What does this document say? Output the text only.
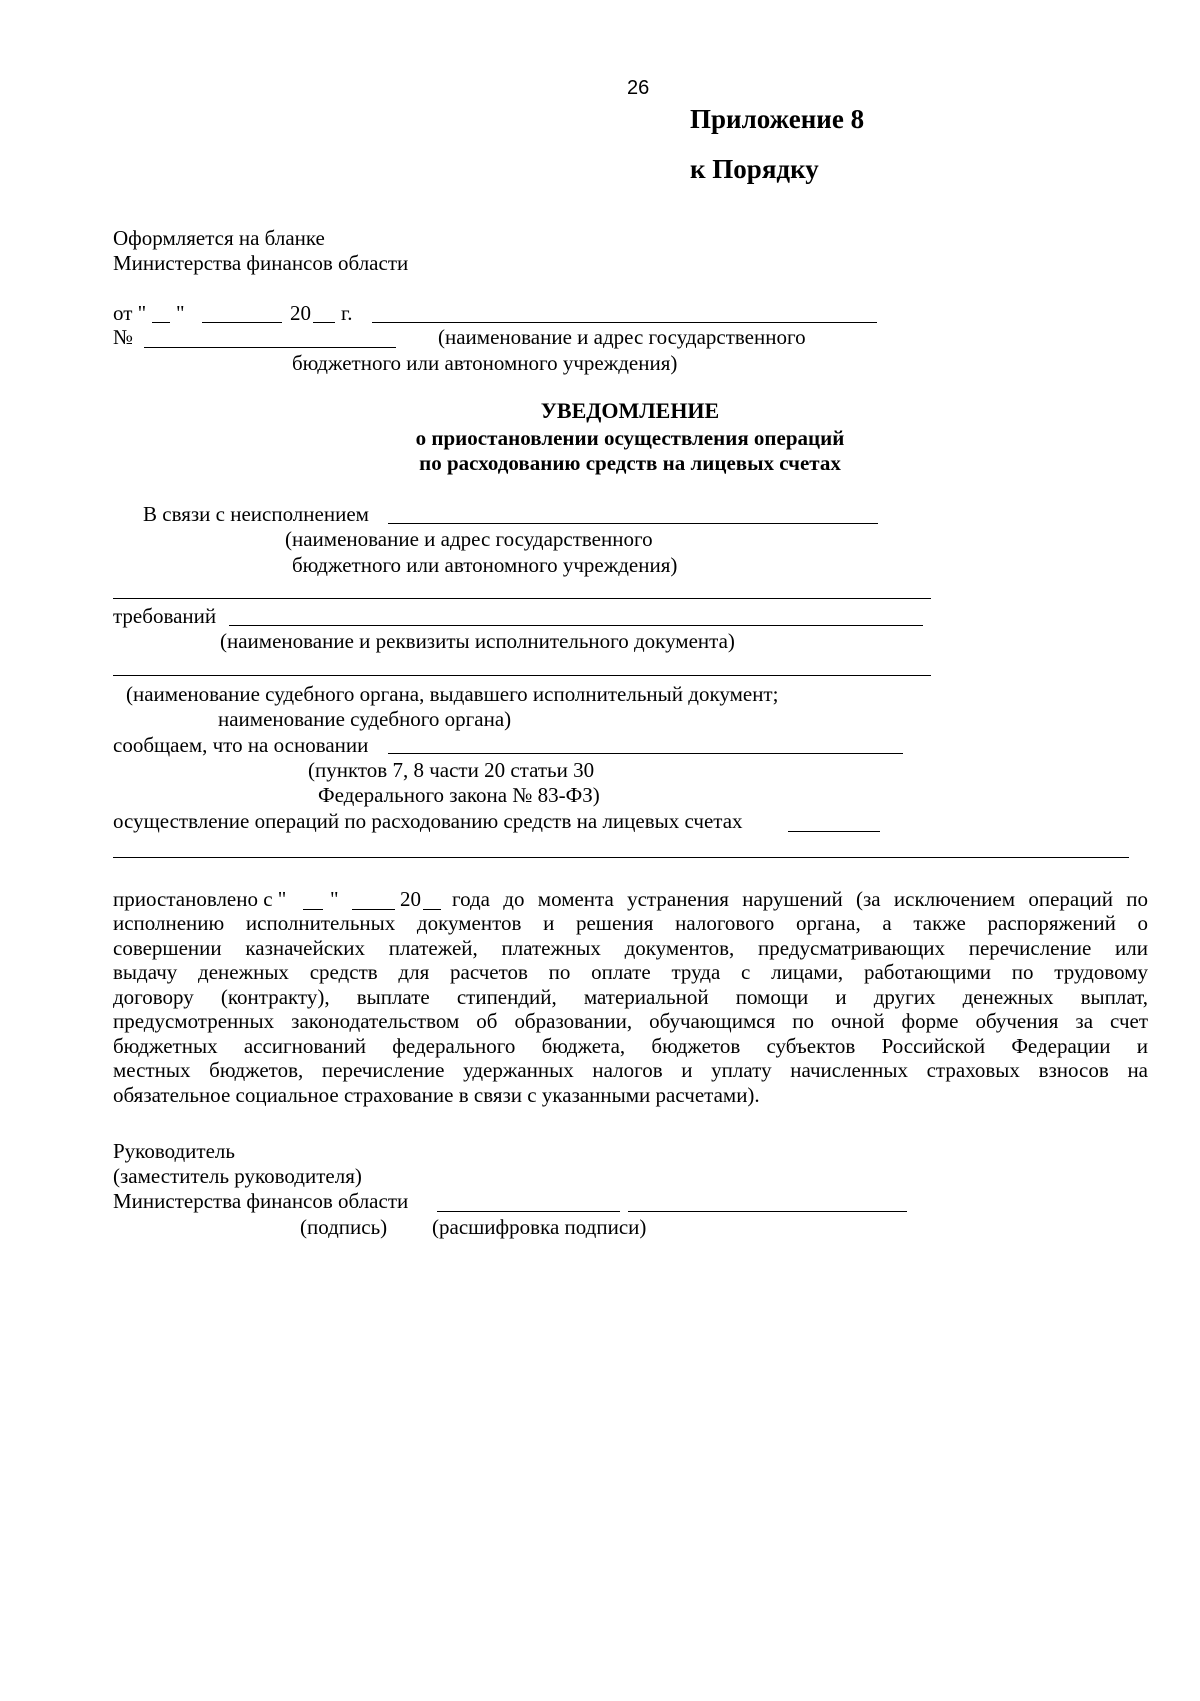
26
Приложение 8
к Порядку
Оформляется на бланке
Министерства финансов области
от " "	20 г.
№	(наименование и адрес государственного
бюджетного или автономного учреждения)
УВЕДОМЛЕНИЕ
о приостановлении осуществления операций
по расходованию средств на лицевых счетах
В связи с неисполнением
(наименование и адрес государственного
бюджетного или автономного учреждения)
требований
(наименование и реквизиты исполнительного документа)
(наименование судебного органа, выдавшего исполнительный документ;
наименование судебного органа)
сообщаем, что на основании
(пунктов 7, 8 части 20 статьи 30
Федерального закона № 83-ФЗ)
осуществление операций по расходованию средств на лицевых счетах
приостановлено с " "	20 года до момента устранения нарушений (за исключением операций по
исполнению исполнительных документов и решения налогового органа, а также распоряжений о
совершении казначейских платежей, платежных документов, предусматривающих перечисление или
выдачу денежных средств для расчетов по оплате труда с лицами, работающими по трудовому
договору (контракту), выплате стипендий, материальной помощи и других денежных выплат,
предусмотренных законодательством об образовании, обучающимся по очной форме обучения за счет
бюджетных ассигнований федерального бюджета, бюджетов субъектов Российской Федерации и
местных бюджетов, перечисление удержанных налогов и уплату начисленных страховых взносов на
обязательное социальное страхование в связи с указанными расчетами).
Руководитель
(заместитель руководителя)
Министерства финансов области
(подпись) (расшифровка подписи)
